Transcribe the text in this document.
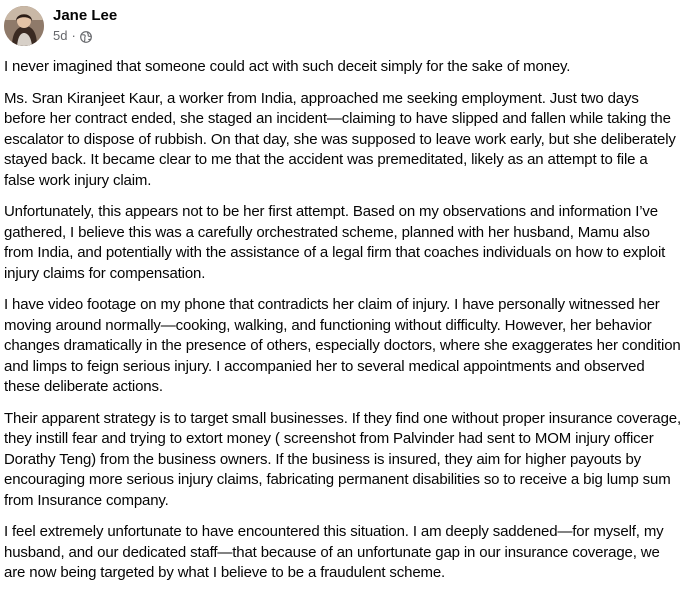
Jane Lee
5d ·

I never imagined that someone could act with such deceit simply for the sake of money.

Ms. Sran Kiranjeet Kaur, a worker from India, approached me seeking employment. Just two days before her contract ended, she staged an incident—claiming to have slipped and fallen while taking the escalator to dispose of rubbish. On that day, she was supposed to leave work early, but she deliberately stayed back. It became clear to me that the accident was premeditated, likely as an attempt to file a false work injury claim.

Unfortunately, this appears not to be her first attempt. Based on my observations and information I’ve gathered, I believe this was a carefully orchestrated scheme, planned with her husband, Mamu also from India, and potentially with the assistance of a legal firm that coaches individuals on how to exploit injury claims for compensation.

I have video footage on my phone that contradicts her claim of injury. I have personally witnessed her moving around normally—cooking, walking, and functioning without difficulty. However, her behavior changes dramatically in the presence of others, especially doctors, where she exaggerates her condition and limps to feign serious injury. I accompanied her to several medical appointments and observed these deliberate actions.

Their apparent strategy is to target small businesses. If they find one without proper insurance coverage, they instill fear and trying to extort money ( screenshot from Palvinder had sent to MOM injury officer Dorathy Teng) from the business owners. If the business is insured, they aim for higher payouts by encouraging more serious injury claims, fabricating permanent disabilities so to receive a big lump sum from Insurance company.

I feel extremely unfortunate to have encountered this situation. I am deeply saddened—for myself, my husband, and our dedicated staff—that because of an unfortunate gap in our insurance coverage, we are now being targeted by what I believe to be a fraudulent scheme.
